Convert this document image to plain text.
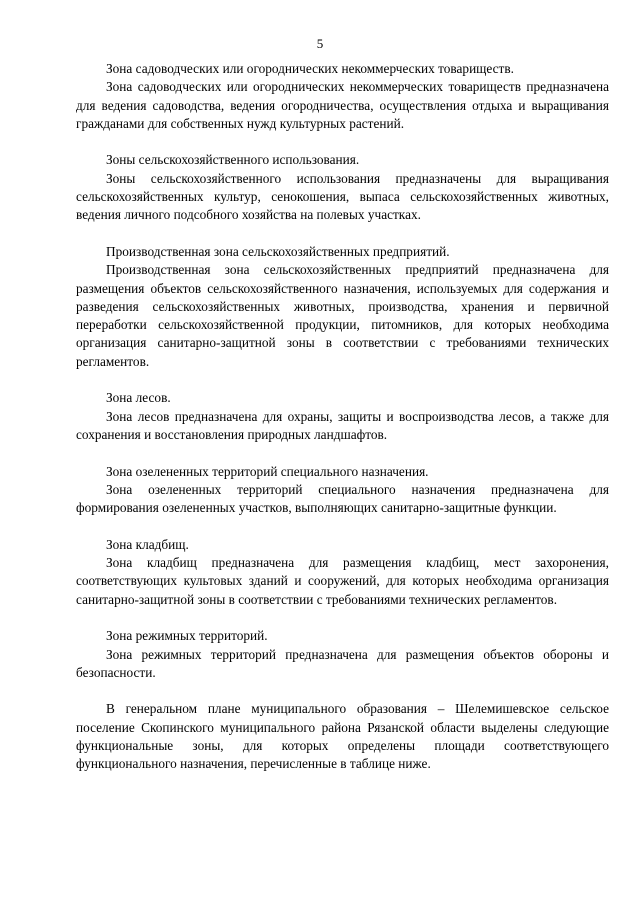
5

Зона садоводческих или огороднических некоммерческих товариществ.

Зона садоводческих или огороднических некоммерческих товариществ предназначена для ведения садоводства, ведения огородничества, осуществления отдыха и выращивания гражданами для собственных нужд культурных растений.

Зоны сельскохозяйственного использования.

Зоны сельскохозяйственного использования предназначены для выращивания сельскохозяйственных культур, сенокошения, выпаса сельскохозяйственных животных, ведения личного подсобного хозяйства на полевых участках.

Производственная зона сельскохозяйственных предприятий.

Производственная зона сельскохозяйственных предприятий предназначена для размещения объектов сельскохозяйственного назначения, используемых для содержания и разведения сельскохозяйственных животных, производства, хранения и первичной переработки сельскохозяйственной продукции, питомников, для которых необходима организация санитарно-защитной зоны в соответствии с требованиями технических регламентов.

Зона лесов.

Зона лесов предназначена для охраны, защиты и воспроизводства лесов, а также для сохранения и восстановления природных ландшафтов.

Зона озелененных территорий специального назначения.

Зона озелененных территорий специального назначения предназначена для формирования озелененных участков, выполняющих санитарно-защитные функции.

Зона кладбищ.

Зона кладбищ предназначена для размещения кладбищ, мест захоронения, соответствующих культовых зданий и сооружений, для которых необходима организация санитарно-защитной зоны в соответствии с требованиями технических регламентов.

Зона режимных территорий.

Зона режимных территорий предназначена для размещения объектов обороны и безопасности.

В генеральном плане муниципального образования – Шелемишевское сельское поселение Скопинского муниципального района Рязанской области выделены следующие функциональные зоны, для которых определены площади соответствующего функционального назначения, перечисленные в таблице ниже.
